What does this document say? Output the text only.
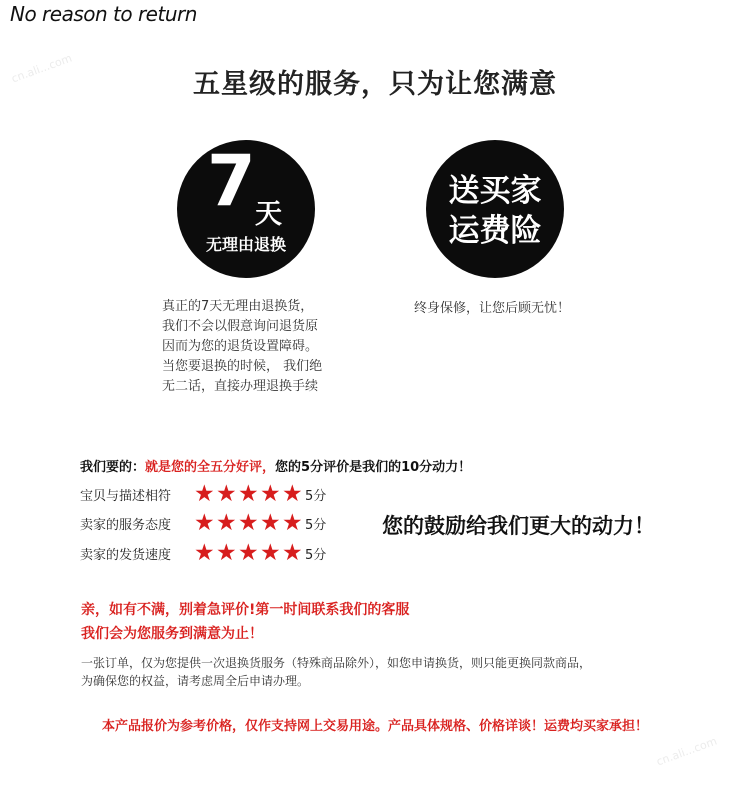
No reason to return
cn.ali...com	五星级的服务，只为让您满意
7 天
无理由退换
送买家
运费险
真正的7天无理由退换货，
我们不会以假意询问退货原
因而为您的退货设置障碍。
当您要退换的时候， 我们绝
无二话，直接办理退换手续
终身保修，让您后顾无忧！
我们要的：就是您的全五分好评，您的5分评价是我们的10分动力！
宝贝与描述相符 ★ ★ ★ ★ ★ 5分
卖家的服务态度 ★ ★ ★ ★ ★ 5分
卖家的发货速度 ★ ★ ★ ★ ★ 5分
您的鼓励给我们更大的动力！
亲，如有不满，别着急评价!第一时间联系我们的客服
我们会为您服务到满意为止！
一张订单，仅为您提供一次退换货服务（特殊商品除外），如您申请换货，则只能更换同款商品，
为确保您的权益，请考虑周全后申请办理。
本产品报价为参考价格，仅作支持网上交易用途。产品具体规格、价格详谈！运费均买家承担！
cn.ali...com
